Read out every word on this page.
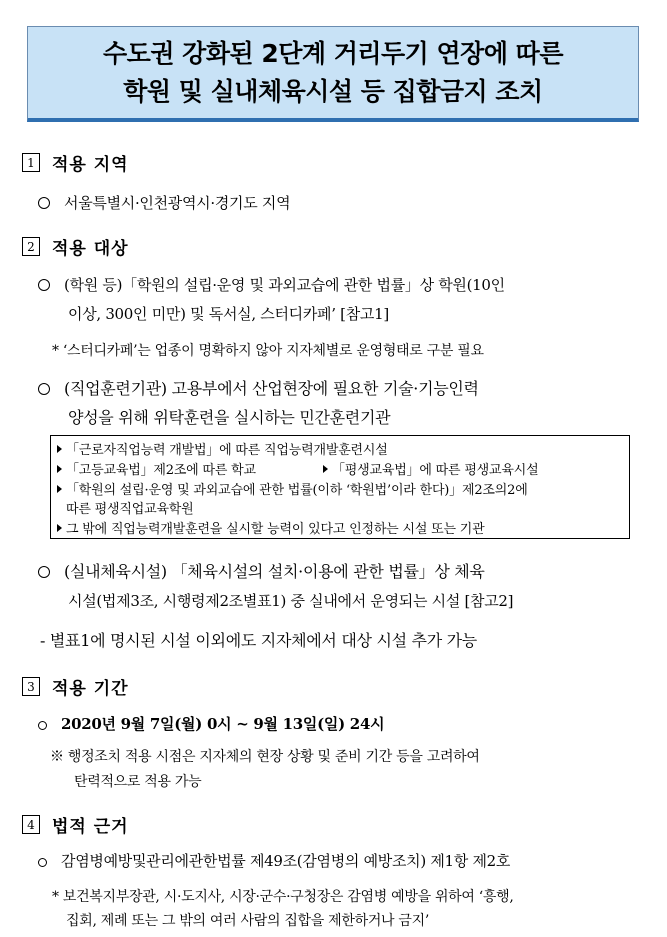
수도권 강화된 2단계 거리두기 연장에 따른
학원 및 실내체육시설 등 집합금지 조치
1	적용 지역
서울특별시·인천광역시·경기도 지역
2	적용 대상
(학원 등)「학원의 설립·운영 및 과외교습에 관한 법률」상 학원(10인
이상, 300인 미만) 및 독서실, 스터디카페’ [참고1]
* ‘스터디카페’는 업종이 명확하지 않아 지자체별로 운영형태로 구분 필요
(직업훈련기관) 고용부에서 산업현장에 필요한 기술·기능인력
양성을 위해 위탁훈련을 실시하는 민간훈련기관
「근로자직업능력 개발법」에 따른 직업능력개발훈련시설
「고등교육법」제2조에 따른 학교	「평생교육법」에 따른 평생교육시설
「학원의 설립·운영 및 과외교습에 관한 법률(이하 ‘학원법’이라 한다)」제2조의2에
따른 평생직업교육학원
그 밖에 직업능력개발훈련을 실시할 능력이 있다고 인정하는 시설 또는 기관
(실내체육시설) 「체육시설의 설치·이용에 관한 법률」상 체육
시설(법제3조, 시행령제2조별표1) 중 실내에서 운영되는 시설 [참고2]
- 별표1에 명시된 시설 이외에도 지자체에서 대상 시설 추가 가능
3	적용 기간
2020년 9월 7일(월) 0시 ~ 9월 13일(일) 24시
※ 행정조치 적용 시점은 지자체의 현장 상황 및 준비 기간 등을 고려하여
탄력적으로 적용 가능
4	법적 근거
감염병예방및관리에관한법률 제49조(감염병의 예방조치) 제1항 제2호
* 보건복지부장관, 시·도지사, 시장·군수·구청장은 감염병 예방을 위하여 ‘흥행,
집회, 제례 또는 그 밖의 여러 사람의 집합을 제한하거나 금지’
